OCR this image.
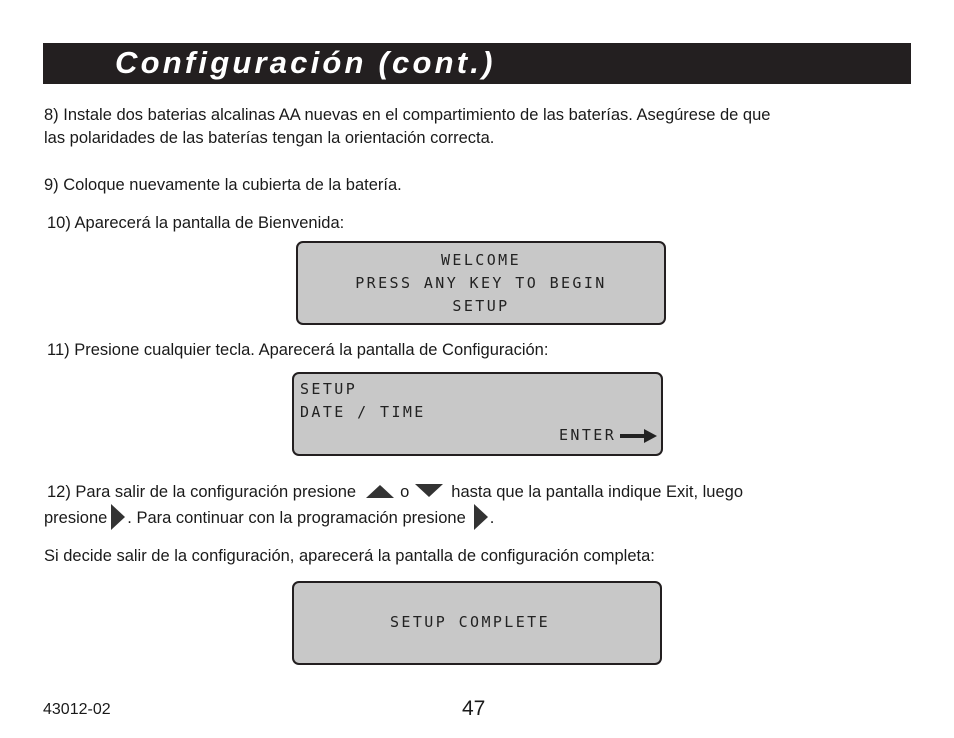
Configuración (cont.)
8) Instale dos baterias alcalinas AA nuevas en el compartimiento de las baterías. Asegúrese de que
las polaridades de las baterías tengan la orientación correcta.
9) Coloque nuevamente la cubierta de la batería.
10) Aparecerá la pantalla de Bienvenida:
WELCOME
PRESS ANY KEY TO BEGIN
SETUP
11) Presione cualquier tecla. Aparecerá la pantalla de Configuración:
SETUP
DATE / TIME
ENTER
12) Para salir de la configuración presione	o	hasta que la pantalla indique Exit, luego
presione . Para continuar con la programación presione .
Si decide salir de la configuración, aparecerá la pantalla de configuración completa:
SETUP COMPLETE
43012-02	47
